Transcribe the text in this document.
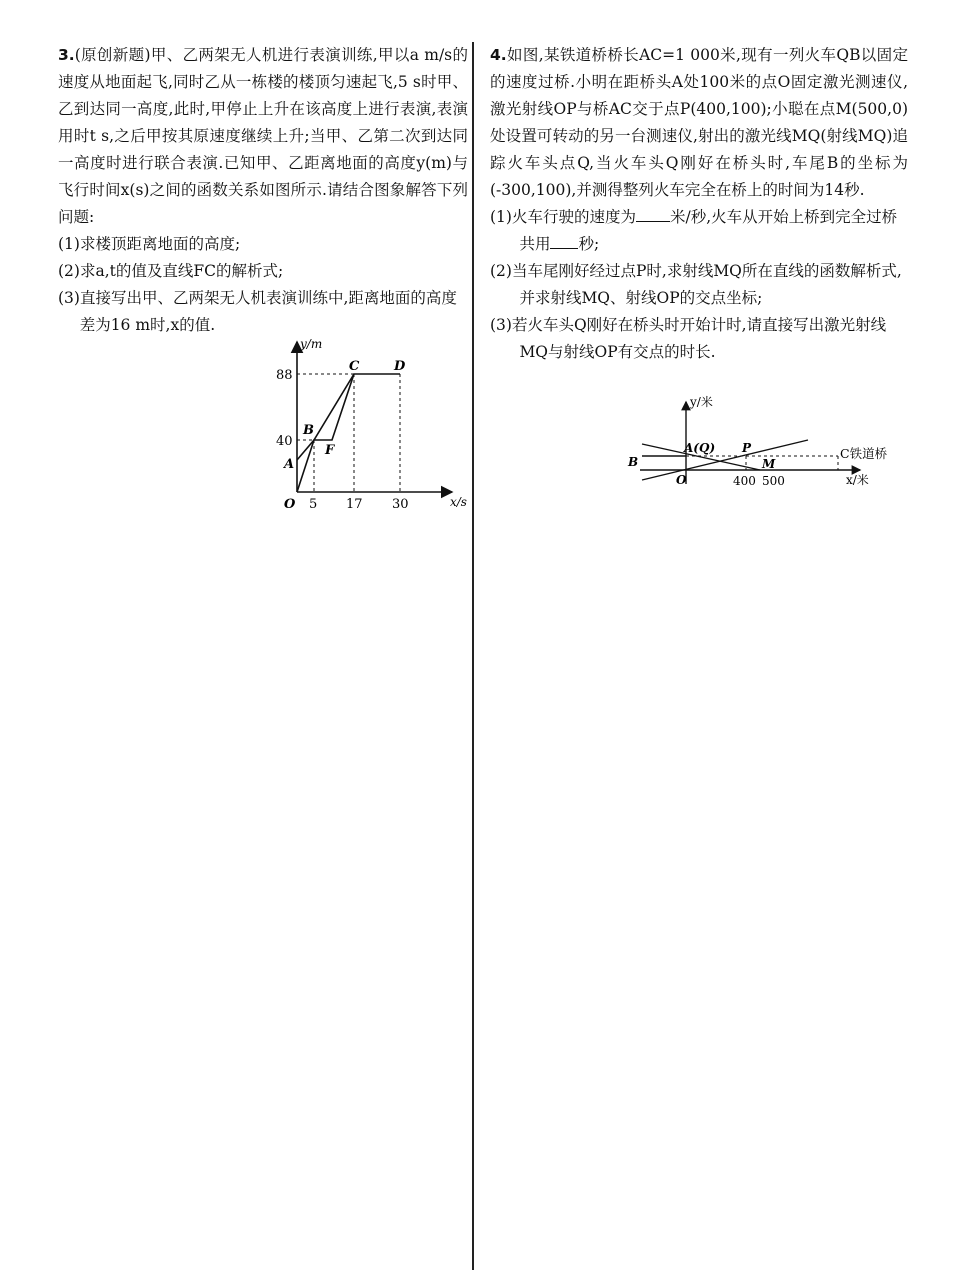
3.(原创新题)甲、乙两架无人机进行表演训练,甲以a m/s的速度从地面起飞,同时乙从一栋楼的楼顶匀速起飞,5 s时甲、乙到达同一高度,此时,甲停止上升在该高度上进行表演,表演用时t s,之后甲按其原速度继续上升;当甲、乙第二次到达同一高度时进行联合表演.已知甲、乙距离地面的高度y(m)与飞行时间x(s)之间的函数关系如图所示.请结合图象解答下列问题:

(1)求楼顶距离地面的高度;

(2)求a,t的值及直线FC的解析式;

(3)直接写出甲、乙两架无人机表演训练中,距离地面的高度差为16 m时,x的值.

y/m
x/s
O
88
40
5 17 30
A
B
C	D
F

4.如图,某铁道桥桥长AC=1 000米,现有一列火车QB以固定的速度过桥.小明在距桥头A处100米的点O固定激光测速仪,激光射线OP与桥AC交于点P(400,100);小聪在点M(500,0)处设置可转动的另一台测速仪,射出的激光线MQ(射线MQ)追踪火车头点Q,当火车头Q刚好在桥头时,车尾B的坐标为(-300,100),并测得整列火车完全在桥上的时间为14秒.

(1)火车行驶的速度为 米/秒,火车从开始上桥到完全过桥共用 秒;

(2)当车尾刚好经过点P时,求射线MQ所在直线的函数解析式,并求射线MQ、射线OP的交点坐标;

(3)若火车头Q刚好在桥头时开始计时,请直接写出激光射线MQ与射线OP有交点的时长.

y/米
x/米
O
B
A(Q) P
M
C铁道桥
400 500
